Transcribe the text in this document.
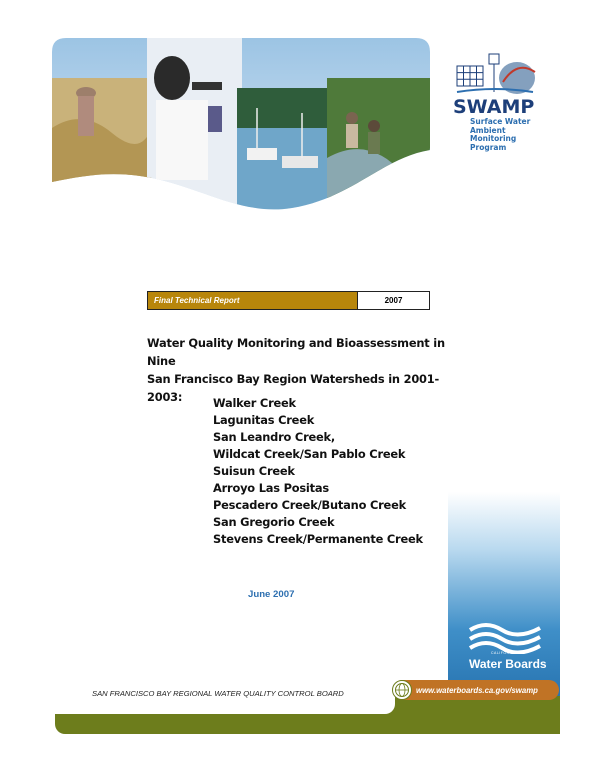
SWAMP
Surface Water
Ambient Monitoring
Program
Final Technical Report	2007
Water Quality Monitoring and Bioassessment in Nine
San Francisco Bay Region Watersheds in 2001-2003:	Walker Creek
Lagunitas Creek
San Leandro Creek,
Wildcat Creek/San Pablo Creek
Suisun Creek
Arroyo Las Positas
Pescadero Creek/Butano Creek
San Gregorio Creek
Stevens Creek/Permanente Creek
June 2007
CALIFORNIA
Water Boards
SAN FRANCISCO BAY REGIONAL WATER QUALITY CONTROL BOARD	www.waterboards.ca.gov/swamp
